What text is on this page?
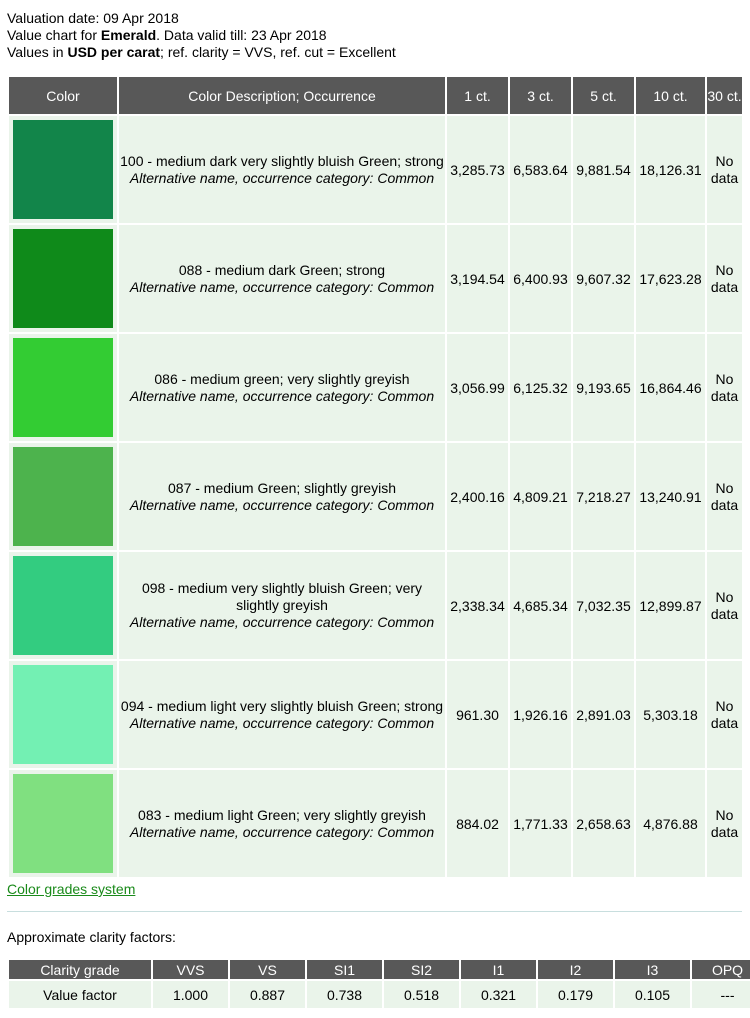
Valuation date: 09 Apr 2018
Value chart for Emerald. Data valid till: 23 Apr 2018
Values in USD per carat; ref. clarity = VVS, ref. cut = Excellent
Color	Color Description; Occurrence	1 ct.	3 ct.	5 ct.	10 ct.	30 ct.

	100 - medium dark very slightly bluish Green; strong
Alternative name, occurrence category: Common	3,285.73	6,583.64	9,881.54	18,126.31	No data

	088 - medium dark Green; strong
Alternative name, occurrence category: Common	3,194.54	6,400.93	9,607.32	17,623.28	No data

	086 - medium green; very slightly greyish
Alternative name, occurrence category: Common	3,056.99	6,125.32	9,193.65	16,864.46	No data

	087 - medium Green; slightly greyish
Alternative name, occurrence category: Common	2,400.16	4,809.21	7,218.27	13,240.91	No data

	098 - medium very slightly bluish Green; very slightly greyish
Alternative name, occurrence category: Common	2,338.34	4,685.34	7,032.35	12,899.87	No data

	094 - medium light very slightly bluish Green; strong
Alternative name, occurrence category: Common	961.30	1,926.16	2,891.03	5,303.18	No data

	083 - medium light Green; very slightly greyish
Alternative name, occurrence category: Common	884.02	1,771.33	2,658.63	4,876.88	No data
Color grades system
Approximate clarity factors:
Clarity grade	VVS	VS	SI1	SI2	I1	I2	I3	OPQ
Value factor	1.000	0.887	0.738	0.518	0.321	0.179	0.105	---
